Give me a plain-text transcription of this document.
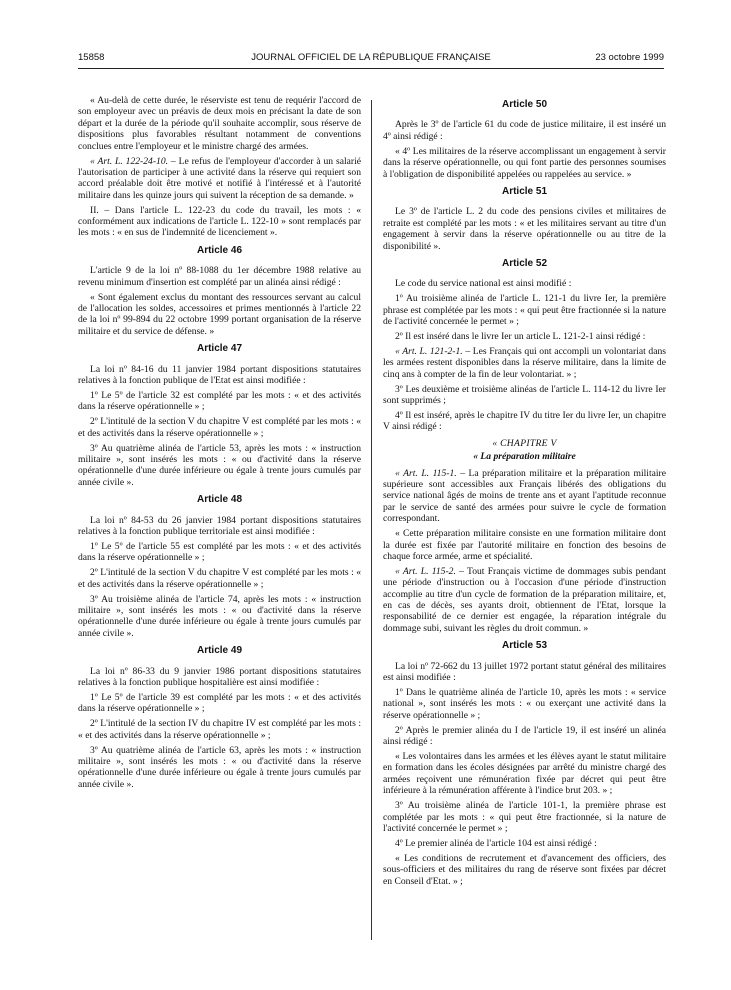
15858	JOURNAL OFFICIEL DE LA RÉPUBLIQUE FRANÇAISE	23 octobre 1999

« Au-delà de cette durée, le réserviste est tenu de requérir l'accord de son employeur avec un préavis de deux mois en précisant la date de son départ et la durée de la période qu'il souhaite accomplir, sous réserve de dispositions plus favorables résultant notamment de conventions conclues entre l'employeur et le ministre chargé des armées.

« Art. L. 122-24-10. – Le refus de l'employeur d'accorder à un salarié l'autorisation de participer à une activité dans la réserve qui requiert son accord préalable doit être motivé et notifié à l'intéressé et à l'autorité militaire dans les quinze jours qui suivent la réception de sa demande. »

II. – Dans l'article L. 122-23 du code du travail, les mots : « conformément aux indications de l'article L. 122-10 » sont remplacés par les mots : « en sus de l'indemnité de licenciement ».

Article 46

L'article 9 de la loi nº 88-1088 du 1er décembre 1988 relative au revenu minimum d'insertion est complété par un alinéa ainsi rédigé :

« Sont également exclus du montant des ressources servant au calcul de l'allocation les soldes, accessoires et primes mentionnés à l'article 22 de la loi nº 99-894 du 22 octobre 1999 portant organisation de la réserve militaire et du service de défense. »

Article 47

La loi nº 84-16 du 11 janvier 1984 portant dispositions statutaires relatives à la fonction publique de l'Etat est ainsi modifiée :

1º Le 5º de l'article 32 est complété par les mots : « et des activités dans la réserve opérationnelle » ;

2º L'intitulé de la section V du chapitre V est complété par les mots : « et des activités dans la réserve opérationnelle » ;

3º Au quatrième alinéa de l'article 53, après les mots : « instruction militaire », sont insérés les mots : « ou d'activité dans la réserve opérationnelle d'une durée inférieure ou égale à trente jours cumulés par année civile ».

Article 48

La loi nº 84-53 du 26 janvier 1984 portant dispositions statutaires relatives à la fonction publique territoriale est ainsi modifiée :

1º Le 5º de l'article 55 est complété par les mots : « et des activités dans la réserve opérationnelle » ;

2º L'intitulé de la section V du chapitre V est complété par les mots : « et des activités dans la réserve opérationnelle » ;

3º Au troisième alinéa de l'article 74, après les mots : « instruction militaire », sont insérés les mots : « ou d'activité dans la réserve opérationnelle d'une durée inférieure ou égale à trente jours cumulés par année civile ».

Article 49

La loi nº 86-33 du 9 janvier 1986 portant dispositions statutaires relatives à la fonction publique hospitalière est ainsi modifiée :

1º Le 5º de l'article 39 est complété par les mots : « et des activités dans la réserve opérationnelle » ;

2º L'intitulé de la section IV du chapitre IV est complété par les mots : « et des activités dans la réserve opérationnelle » ;

3º Au quatrième alinéa de l'article 63, après les mots : « instruction militaire », sont insérés les mots : « ou d'activité dans la réserve opérationnelle d'une durée inférieure ou égale à trente jours cumulés par année civile ».

Article 50

Après le 3º de l'article 61 du code de justice militaire, il est inséré un 4º ainsi rédigé :

« 4º Les militaires de la réserve accomplissant un engagement à servir dans la réserve opérationnelle, ou qui font partie des personnes soumises à l'obligation de disponibilité appelées ou rappelées au service. »

Article 51

Le 3º de l'article L. 2 du code des pensions civiles et militaires de retraite est complété par les mots : « et les militaires servant au titre d'un engagement à servir dans la réserve opérationnelle ou au titre de la disponibilité ».

Article 52

Le code du service national est ainsi modifié :

1º Au troisième alinéa de l'article L. 121-1 du livre Ier, la première phrase est complétée par les mots : « qui peut être fractionnée si la nature de l'activité concernée le permet » ;

2º Il est inséré dans le livre Ier un article L. 121-2-1 ainsi rédigé :

« Art. L. 121-2-1. – Les Français qui ont accompli un volontariat dans les armées restent disponibles dans la réserve militaire, dans la limite de cinq ans à compter de la fin de leur volontariat. » ;

3º Les deuxième et troisième alinéas de l'article L. 114-12 du livre Ier sont supprimés ;

4º Il est inséré, après le chapitre IV du titre Ier du livre Ier, un chapitre V ainsi rédigé :

« CHAPITRE V
« La préparation militaire

« Art. L. 115-1. – La préparation militaire et la préparation militaire supérieure sont accessibles aux Français libérés des obligations du service national âgés de moins de trente ans et ayant l'aptitude reconnue par le service de santé des armées pour suivre le cycle de formation correspondant.

« Cette préparation militaire consiste en une formation militaire dont la durée est fixée par l'autorité militaire en fonction des besoins de chaque force armée, arme et spécialité.

« Art. L. 115-2. – Tout Français victime de dommages subis pendant une période d'instruction ou à l'occasion d'une période d'instruction accomplie au titre d'un cycle de formation de la préparation militaire, et, en cas de décès, ses ayants droit, obtiennent de l'Etat, lorsque la responsabilité de ce dernier est engagée, la réparation intégrale du dommage subi, suivant les règles du droit commun. »

Article 53

La loi nº 72-662 du 13 juillet 1972 portant statut général des militaires est ainsi modifiée :

1º Dans le quatrième alinéa de l'article 10, après les mots : « service national », sont insérés les mots : « ou exerçant une activité dans la réserve opérationnelle » ;

2º Après le premier alinéa du I de l'article 19, il est inséré un alinéa ainsi rédigé :

« Les volontaires dans les armées et les élèves ayant le statut militaire en formation dans les écoles désignées par arrêté du ministre chargé des armées reçoivent une rémunération fixée par décret qui peut être inférieure à la rémunération afférente à l'indice brut 203. » ;

3º Au troisième alinéa de l'article 101-1, la première phrase est complétée par les mots : « qui peut être fractionnée, si la nature de l'activité concernée le permet » ;

4º Le premier alinéa de l'article 104 est ainsi rédigé :

« Les conditions de recrutement et d'avancement des officiers, des sous-officiers et des militaires du rang de réserve sont fixées par décret en Conseil d'Etat. » ;
